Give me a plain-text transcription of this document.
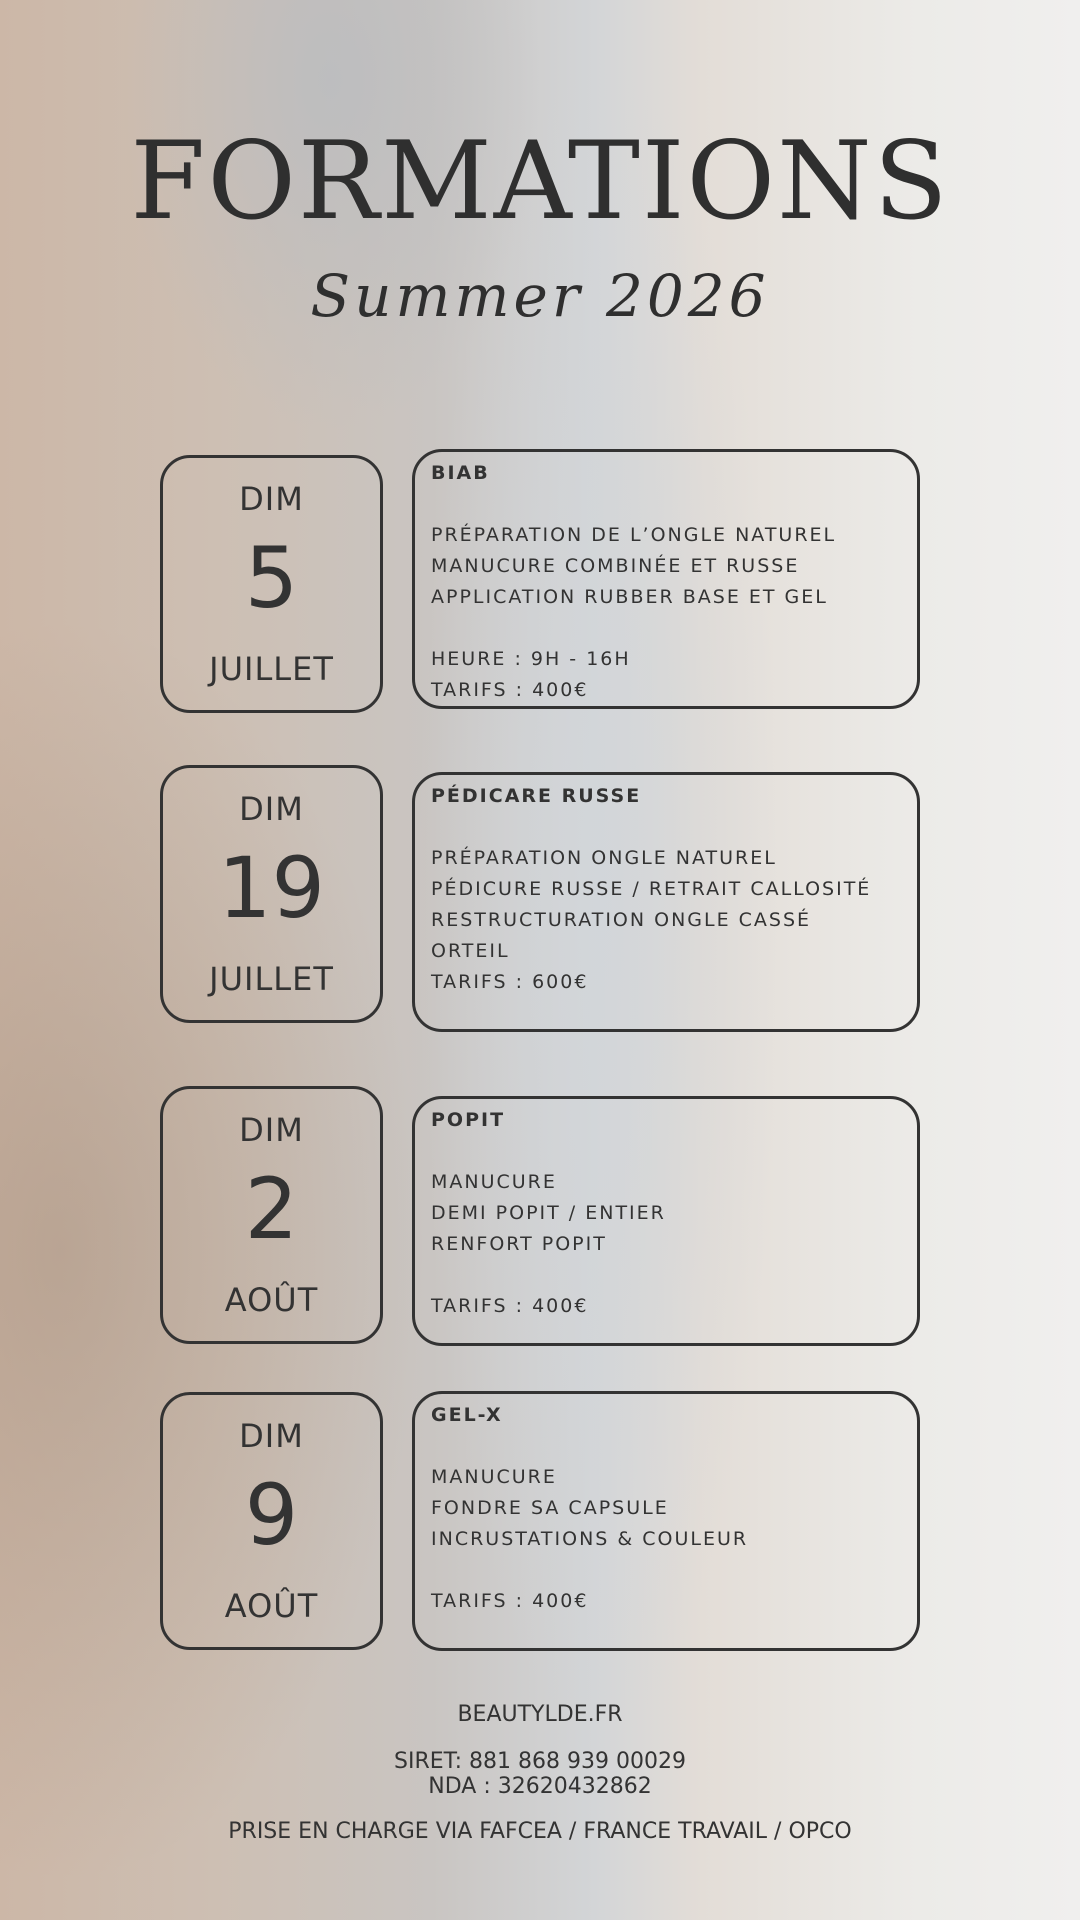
FORMATIONS
Summer 2026
DIM
5
JUILLET
BIAB
PRÉPARATION DE L’ONGLE NATUREL
MANUCURE COMBINÉE ET RUSSE
APPLICATION RUBBER BASE ET GEL
HEURE : 9H - 16H
TARIFS : 400€
DIM
19
JUILLET
PÉDICARE RUSSE
PRÉPARATION ONGLE NATUREL
PÉDICURE RUSSE / RETRAIT CALLOSITÉ
RESTRUCTURATION ONGLE CASSÉ
ORTEIL
TARIFS : 600€
DIM
2
AOÛT
POPIT
MANUCURE
DEMI POPIT / ENTIER
RENFORT POPIT
TARIFS : 400€
DIM
9
AOÛT
GEL-X
MANUCURE
FONDRE SA CAPSULE
INCRUSTATIONS & COULEUR
TARIFS : 400€
BEAUTYLDE.FR
SIRET: 881 868 939 00029
NDA : 32620432862
PRISE EN CHARGE VIA FAFCEA / FRANCE TRAVAIL / OPCO
